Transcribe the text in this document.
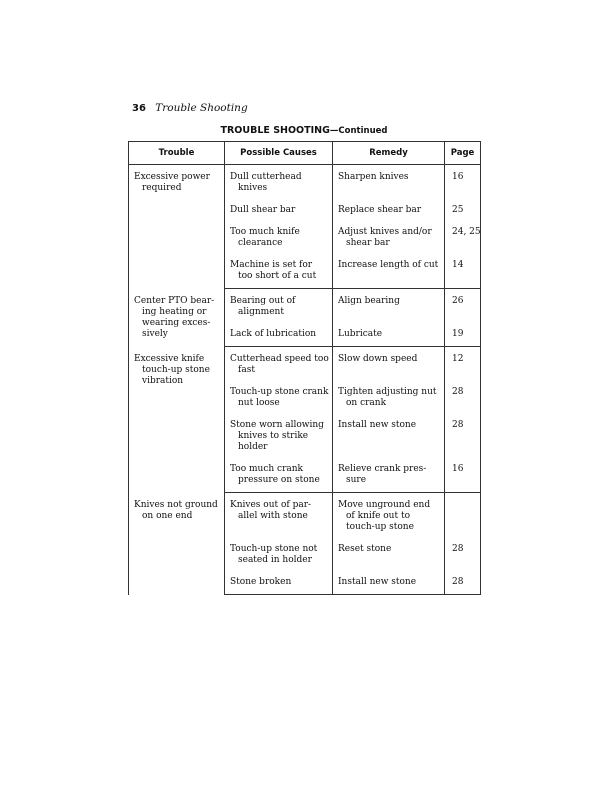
36 Trouble Shooting
TROUBLE SHOOTING—Continued
Trouble	Possible Causes	Remedy	Page

Excessive power required	Dull cutterhead knives	Sharpen knives	16

	Dull shear bar	Replace shear bar	25

	Too much knife clearance	Adjust knives and/or shear bar	24, 25

	Machine is set for too short of a cut	Increase length of cut	14

Center PTO bear-ing heating or wearing exces-sively	Bearing out of alignment	Align bearing	26

	Lack of lubrication	Lubricate	19

Excessive knife touch-up stone vibration	Cutterhead speed too fast	Slow down speed	12

	Touch-up stone crank nut loose	Tighten adjusting nut on crank	28

	Stone worn allowing knives to strike holder	Install new stone	28

	Too much crank pressure on stone	Relieve crank pres-sure	16

Knives not ground on one end	Knives out of par-allel with stone	Move unground end of knife out to touch-up stone	

	Touch-up stone not seated in holder	Reset stone	28

	Stone broken	Install new stone	28
